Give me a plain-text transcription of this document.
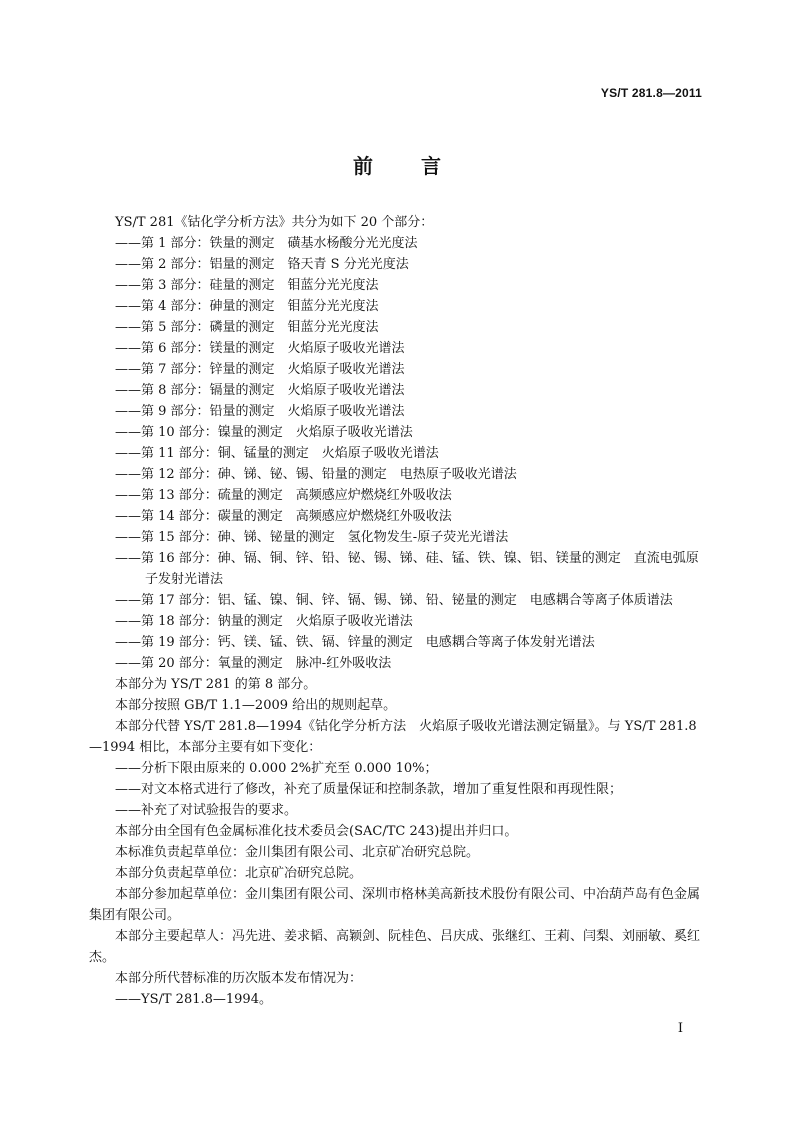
YS/T 281.8—2011
前言

YS/T 281《钴化学分析方法》共分为如下 20 个部分：

——第 1 部分：铁量的测定　磺基水杨酸分光光度法

——第 2 部分：铝量的测定　铬天青 S 分光光度法

——第 3 部分：硅量的测定　钼蓝分光光度法

——第 4 部分：砷量的测定　钼蓝分光光度法

——第 5 部分：磷量的测定　钼蓝分光光度法

——第 6 部分：镁量的测定　火焰原子吸收光谱法

——第 7 部分：锌量的测定　火焰原子吸收光谱法

——第 8 部分：镉量的测定　火焰原子吸收光谱法

——第 9 部分：铅量的测定　火焰原子吸收光谱法

——第 10 部分：镍量的测定　火焰原子吸收光谱法

——第 11 部分：铜、锰量的测定　火焰原子吸收光谱法

——第 12 部分：砷、锑、铋、锡、铅量的测定　电热原子吸收光谱法

——第 13 部分：硫量的测定　高频感应炉燃烧红外吸收法

——第 14 部分：碳量的测定　高频感应炉燃烧红外吸收法

——第 15 部分：砷、锑、铋量的测定　氢化物发生-原子荧光光谱法

——第 16 部分：砷、镉、铜、锌、铅、铋、锡、锑、硅、锰、铁、镍、铝、镁量的测定　直流电弧原子发射光谱法

——第 17 部分：铝、锰、镍、铜、锌、镉、锡、锑、铅、铋量的测定　电感耦合等离子体质谱法

——第 18 部分：钠量的测定　火焰原子吸收光谱法

——第 19 部分：钙、镁、锰、铁、镉、锌量的测定　电感耦合等离子体发射光谱法

——第 20 部分：氧量的测定　脉冲-红外吸收法

本部分为 YS/T 281 的第 8 部分。

本部分按照 GB/T 1.1—2009 给出的规则起草。

本部分代替 YS/T 281.8—1994《钴化学分析方法　火焰原子吸收光谱法测定镉量》。与 YS/T 281.8—1994 相比，本部分主要有如下变化：

——分析下限由原来的 0.000 2%扩充至 0.000 10%；

——对文本格式进行了修改，补充了质量保证和控制条款，增加了重复性限和再现性限；

——补充了对试验报告的要求。

本部分由全国有色金属标准化技术委员会(SAC/TC 243)提出并归口。

本标准负责起草单位：金川集团有限公司、北京矿冶研究总院。

本部分负责起草单位：北京矿冶研究总院。

本部分参加起草单位：金川集团有限公司、深圳市格林美高新技术股份有限公司、中冶葫芦岛有色金属集团有限公司。

本部分主要起草人：冯先进、姜求韬、高颖剑、阮桂色、吕庆成、张继红、王莉、闫梨、刘丽敏、奚红杰。

本部分所代替标准的历次版本发布情况为：

——YS/T 281.8—1994。

I
